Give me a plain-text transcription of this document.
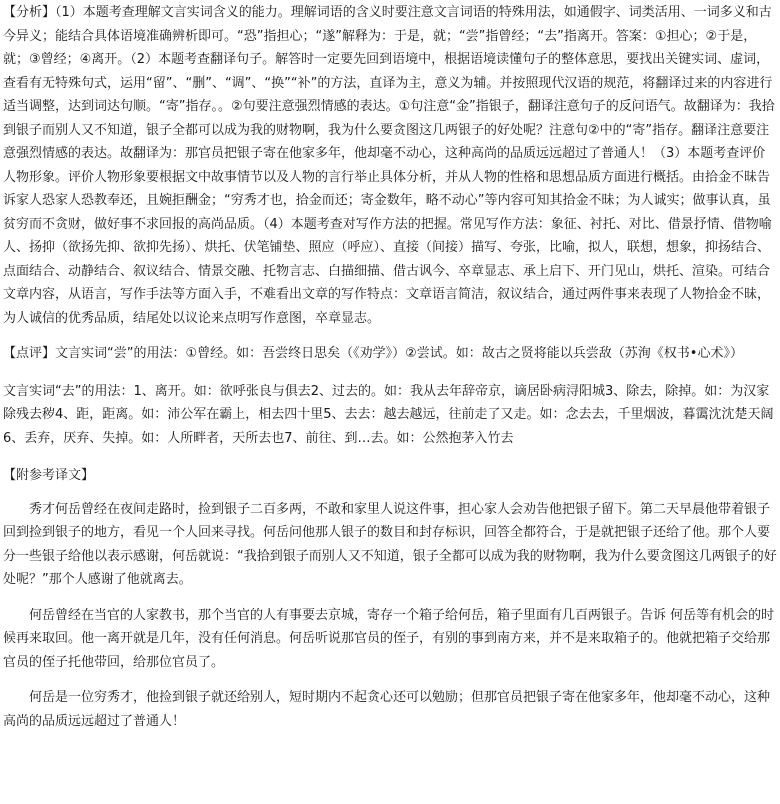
【分析】（1）本题考查理解文言实词含义的能力。理解词语的含义时要注意文言词语的特殊用法，如通假字、词类活用、一词多义和古今异义；能结合具体语境准确辨析即可。“恐”指担心；“遂”解释为：于是，就；“尝”指曾经；“去”指离开。答案：①担心；②于是，就；③曾经；④离开。（2）本题考查翻译句子。解答时一定要先回到语境中，根据语境读懂句子的整体意思，要找出关键实词、虚词，查看有无特殊句式，运用“留”、“删”、“调”、“换”“补”的方法，直译为主，意义为辅。并按照现代汉语的规范，将翻译过来的内容进行适当调整，达到词达句顺。“寄”指存。。②句要注意强烈情感的表达。①句注意“金”指银子，翻译注意句子的反问语气。故翻译为：我拾到银子而别人又不知道，银子全都可以成为我的财物啊，我为什么要贪图这几两银子的好处呢？注意句②中的“寄”指存。翻译注意要注意强烈情感的表达。故翻译为：那官员把银子寄在他家多年，他却毫不动心，这种高尚的品质远远超过了普通人！（3）本题考查评价人物形象。评价人物形象要根据文中故事情节以及人物的言行举止具体分析，并从人物的性格和思想品质方面进行概括。由拾金不昧告诉家人恐家人恐教奉还，且婉拒酬金；“穷秀才也，拾金而还；寄金数年，略不动心”等内容可知其拾金不昧；为人诚实；做事认真，虽贫穷而不贪财，做好事不求回报的高尚品质。（4）本题考查对写作方法的把握。常见写作方法：象征、衬托、对比、借景抒情、借物喻人、扬抑（欲扬先抑、欲抑先扬）、烘托、伏笔铺垫、照应（呼应）、直接（间接）描写、夸张，比喻，拟人，联想，想象，抑扬结合、点面结合、动静结合、叙议结合、情景交融、托物言志、白描细描、借古讽今、卒章显志、承上启下、开门见山，烘托、渲染。可结合文章内容，从语言，写作手法等方面入手，不难看出文章的写作特点：文章语言简洁，叙议结合，通过两件事来表现了人物拾金不昧，为人诚信的优秀品质，结尾处以议论来点明写作意图，卒章显志。

【点评】文言实词“尝”的用法：①曾经。如：吾尝终日思矣（《劝学》）②尝试。如：故古之贤将能以兵尝敌（苏洵《权书•心术》）

文言实词“去”的用法：1、离开。如：欲呼张良与俱去2、过去的。如：我从去年辞帝京，谪居卧病浔阳城3、除去，除掉。如：为汉家除残去秽4、距，距离。如：沛公军在霸上，相去四十里5、去去：越去越远，往前走了又走。如：念去去，千里烟波，暮霭沈沈楚天阔6、丢弃，厌弃、失掉。如：人所畔者，天所去也7、前往、到…去。如：公然抱茅入竹去

【附参考译文】

秀才何岳曾经在夜间走路时，捡到银子二百多两，不敢和家里人说这件事，担心家人会劝告他把银子留下。第二天早晨他带着银子回到捡到银子的地方，看见一个人回来寻找。何岳问他那人银子的数目和封存标识，回答全都符合，于是就把银子还给了他。那个人要分一些银子给他以表示感谢，何岳就说：“我拾到银子而别人又不知道，银子全都可以成为我的财物啊，我为什么要贪图这几两银子的好处呢？”那个人感谢了他就离去。

何岳曾经在当官的人家教书，那个当官的人有事要去京城，寄存一个箱子给何岳，箱子里面有几百两银子。告诉 何岳等有机会的时候再来取回。他一离开就是几年，没有任何消息。何岳听说那官员的侄子，有别的事到南方来，并不是来取箱子的。他就把箱子交给那官员的侄子托他带回，给那位官员了。

何岳是一位穷秀才，他捡到银子就还给别人，短时期内不起贪心还可以勉励；但那官员把银子寄在他家多年，他却毫不动心，这种高尚的品质远远超过了普通人！
